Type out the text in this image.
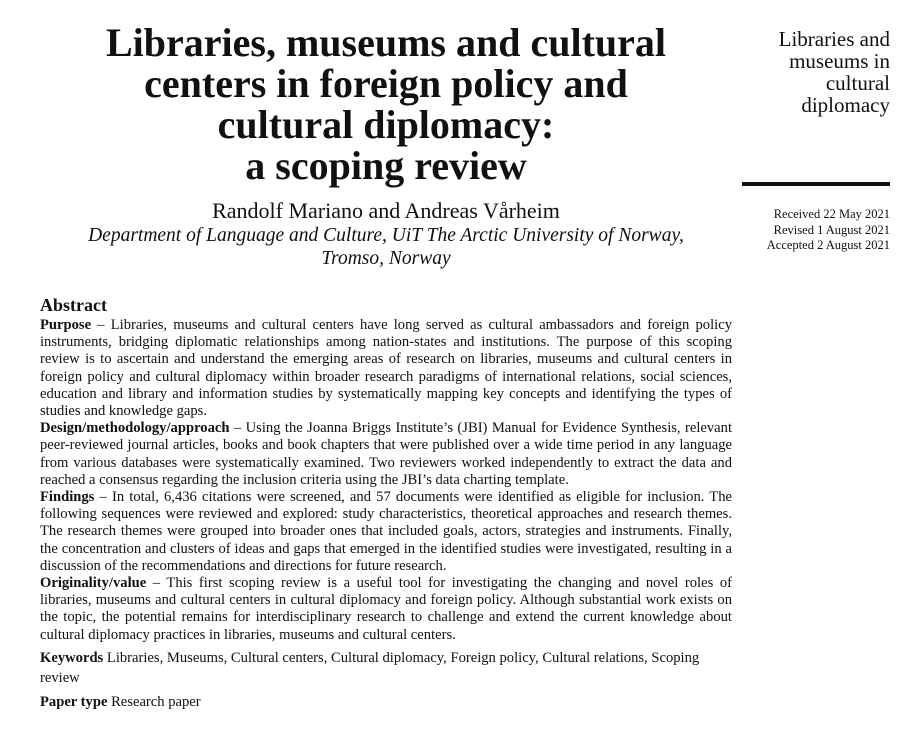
Libraries, museums and cultural
centers in foreign policy and
cultural diplomacy:
a scoping review
Randolf Mariano and Andreas Vårheim
Department of Language and Culture, UiT The Arctic University of Norway,
Tromso, Norway
Abstract

Purpose – Libraries, museums and cultural centers have long served as cultural ambassadors and foreign policy instruments, bridging diplomatic relationships among nation-states and institutions. The purpose of this scoping review is to ascertain and understand the emerging areas of research on libraries, museums and cultural centers in foreign policy and cultural diplomacy within broader research paradigms of international relations, social sciences, education and library and information studies by systematically mapping key concepts and identifying the types of studies and knowledge gaps.

Design/methodology/approach – Using the Joanna Briggs Institute’s (JBI) Manual for Evidence Synthesis, relevant peer-reviewed journal articles, books and book chapters that were published over a wide time period in any language from various databases were systematically examined. Two reviewers worked independently to extract the data and reached a consensus regarding the inclusion criteria using the JBI’s data charting template.

Findings – In total, 6,436 citations were screened, and 57 documents were identified as eligible for inclusion. The following sequences were reviewed and explored: study characteristics, theoretical approaches and research themes. The research themes were grouped into broader ones that included goals, actors, strategies and instruments. Finally, the concentration and clusters of ideas and gaps that emerged in the identified studies were investigated, resulting in a discussion of the recommendations and directions for future research.

Originality/value – This first scoping review is a useful tool for investigating the changing and novel roles of libraries, museums and cultural centers in cultural diplomacy and foreign policy. Although substantial work exists on the topic, the potential remains for interdisciplinary research to challenge and extend the current knowledge about cultural diplomacy practices in libraries, museums and cultural centers.

Keywords Libraries, Museums, Cultural centers, Cultural diplomacy, Foreign policy, Cultural relations, Scoping review
Paper type Research paper
Libraries and
museums in
cultural
diplomacy
Received 22 May 2021
Revised 1 August 2021
Accepted 2 August 2021
